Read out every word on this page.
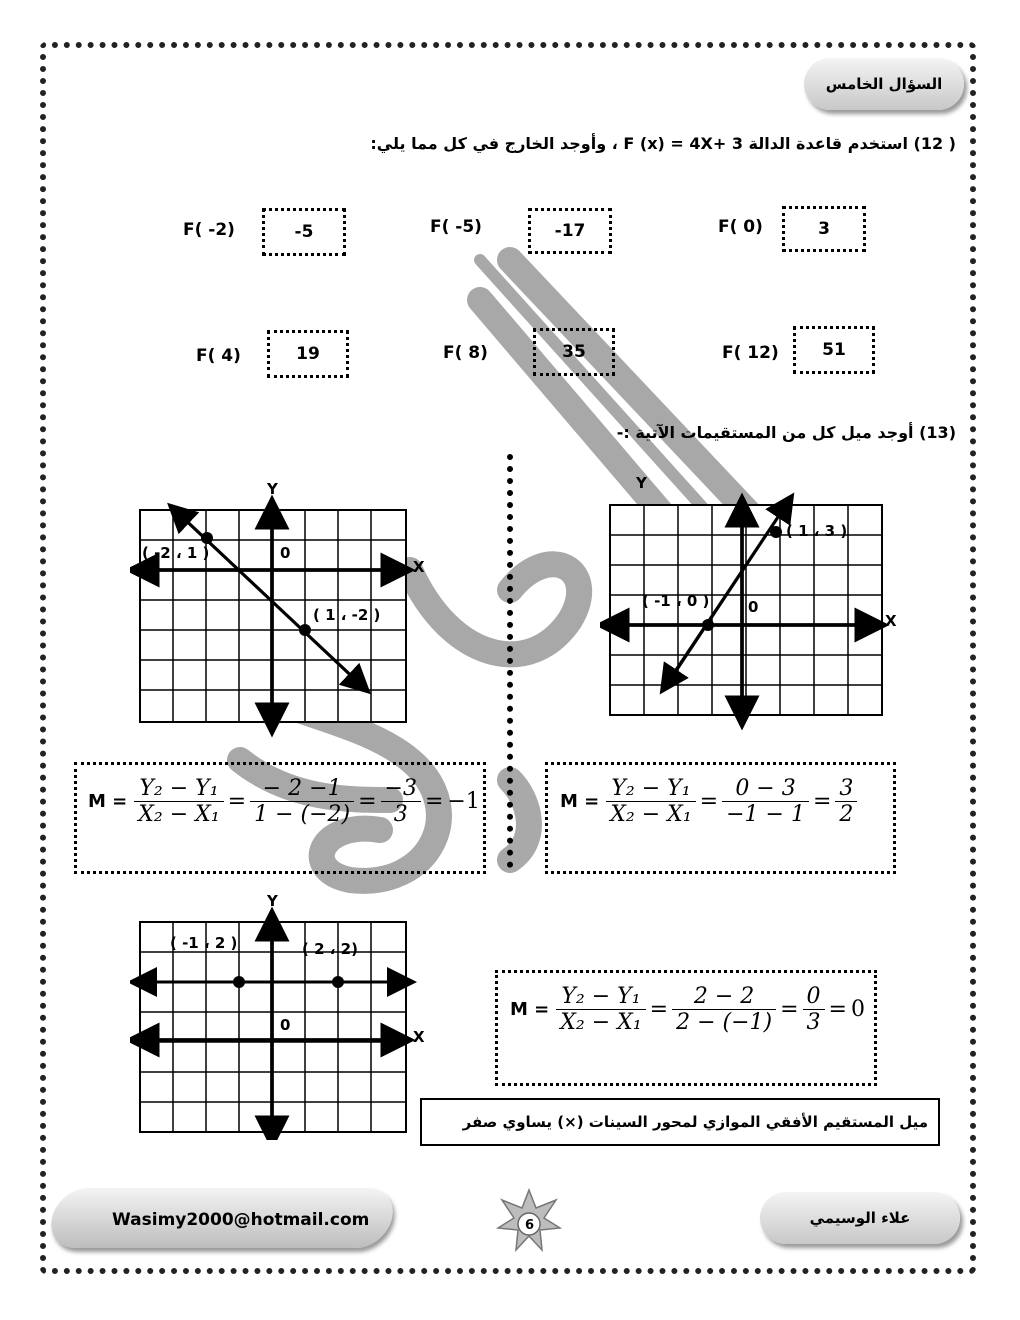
السؤال الخامس
( 12) استخدم قاعدة الدالة F (x) = 4X+ 3 ، وأوجد الخارج في كل مما يلي:
F( 0)	3
F( -5)	-17
F( -2)	-5
F( 12)	51
F( 8)	35
F( 4)	19
(13) أوجد ميل كل من المستقيمات الآتية :-
Y
X
0
( 1 ، 3 )
( -1 ، 0 )
Y
X
0
( -2 ، 1 )
( 1 ، -2 )
$M = \frac{\text{Y₂ − Y₁}}{\text{X₂ − X₁}} = \frac{0 - 3}{-1 - 1} = \frac{3}{2}$
$M = \frac{\text{Y₂ − Y₁}}{\text{X₂ − X₁}} = \frac{- 2 -1}{1 - (-2)} = \frac{-3}{3} = -1$
Y
X
0
( -1 ، 2 )	( 2 ، 2)
$M = \frac{\text{Y₂ − Y₁}}{\text{X₂ − X₁}} = \frac{2 - 2}{2 - (-1)} = \frac{0}{3} = 0$
ميل المستقيم الأفقي الموازي لمحور السينات (×) يساوي صفر
علاء الوسيمي
6
Wasimy2000@hotmail.com
